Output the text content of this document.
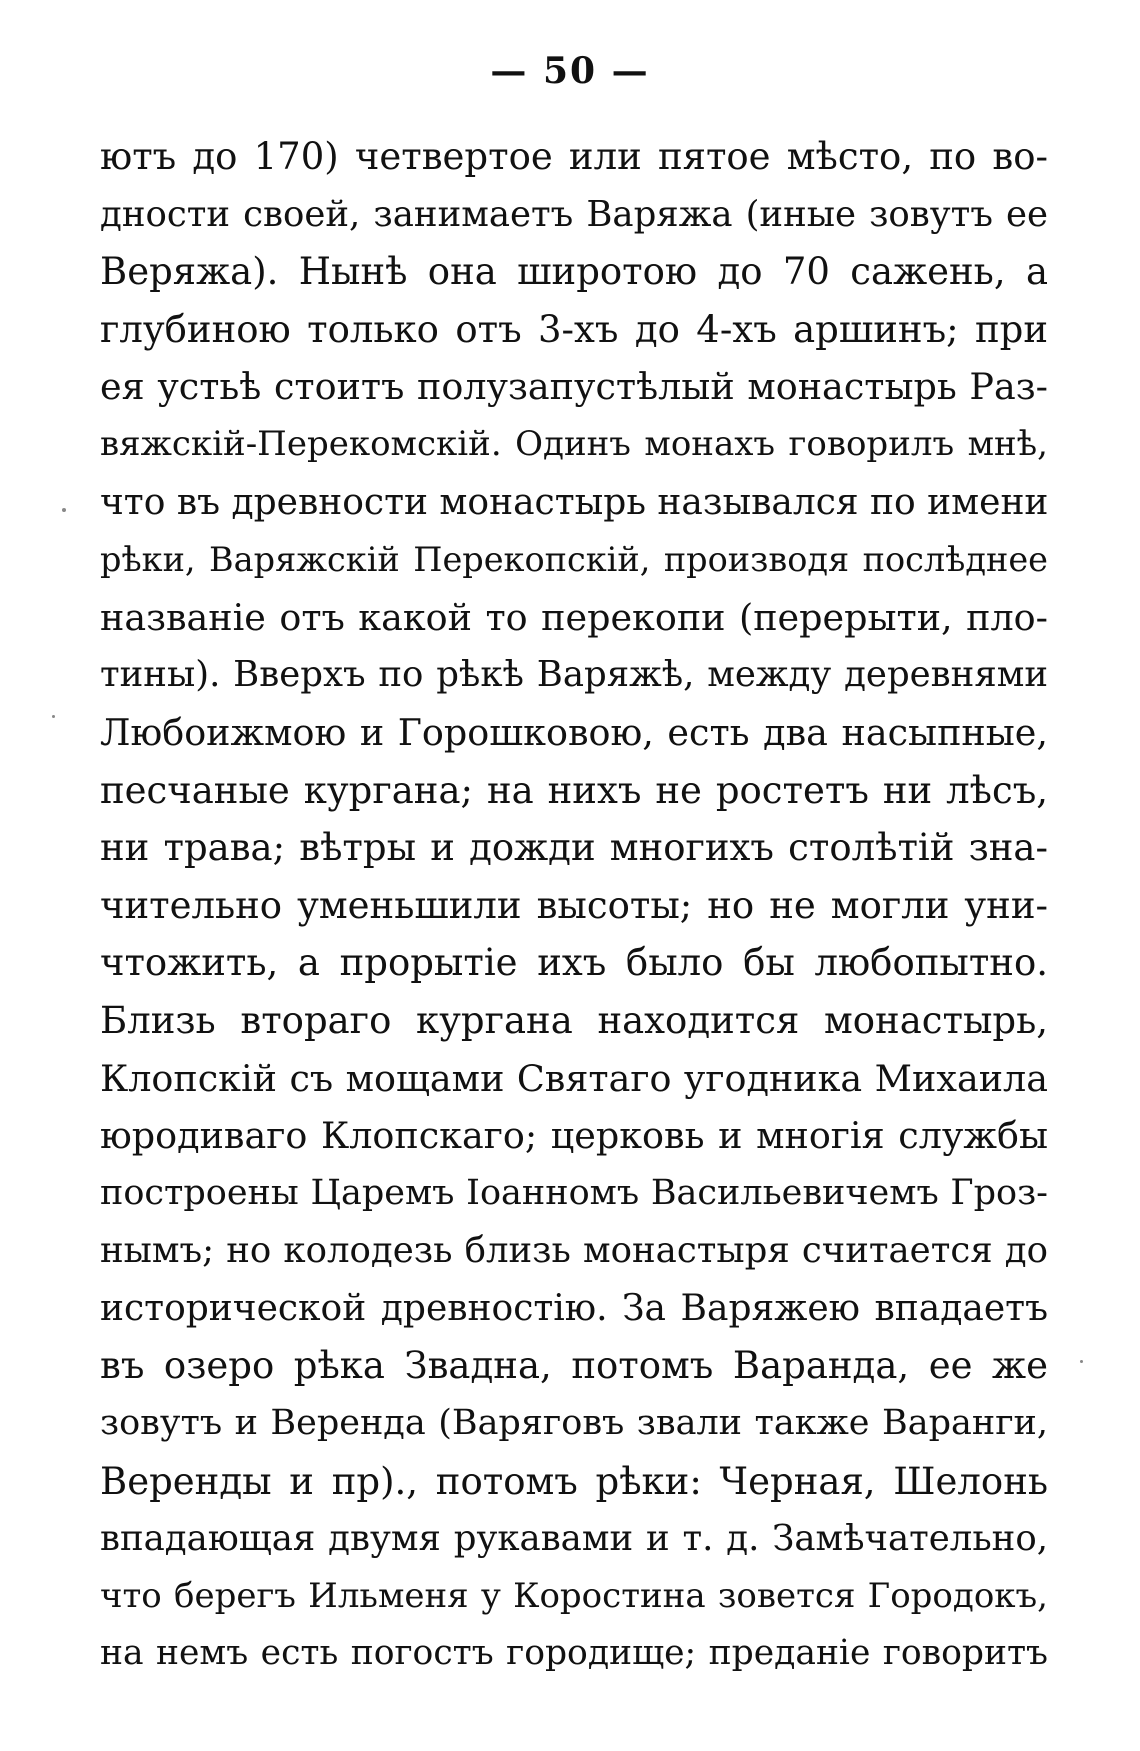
— 50 —
ютъ до 170) четвертое или пятое мѣсто, по во-
дности своей, занимаетъ Варяжа (иные зовутъ ее
Веряжа). Нынѣ она широтою до 70 сажень, а
глубиною только отъ 3-хъ до 4-хъ аршинъ; при
ея устьѣ стоитъ полузапустѣлый монастырь Раз-
вяжскій-Перекомскій. Одинъ монахъ говорилъ мнѣ,
что въ древности монастырь назывался по имени
рѣки, Варяжскій Перекопскій, производя послѣднее
названіе отъ какой то перекопи (перерыти, пло-
тины). Вверхъ по рѣкѣ Варяжѣ, между деревнями
Любоижмою и Горошковою, есть два насыпные,
песчаные кургана; на нихъ не ростетъ ни лѣсъ,
ни трава; вѣтры и дожди многихъ столѣтій зна-
чительно уменьшили высоты; но не могли уни-
чтожить, а прорытіе ихъ было бы любопытно.
Близь втораго кургана находится монастырь,
Клопскій съ мощами Святаго угодника Михаила
юродиваго Клопскаго; церковь и многія службы
построены Царемъ Іоанномъ Васильевичемъ Гроз-
нымъ; но колодезь близь монастыря считается до
исторической древностію. За Варяжею впадаетъ
въ озеро рѣка Звадна, потомъ Варанда, ее же
зовутъ и Веренда (Варяговъ звали также Варанги,
Веренды и пр)., потомъ рѣки: Черная, Шелонь
впадающая двумя рукавами и т. д. Замѣчательно,
что берегъ Ильменя у Коростина зовется Городокъ,
на немъ есть погостъ городище; преданіе говоритъ
